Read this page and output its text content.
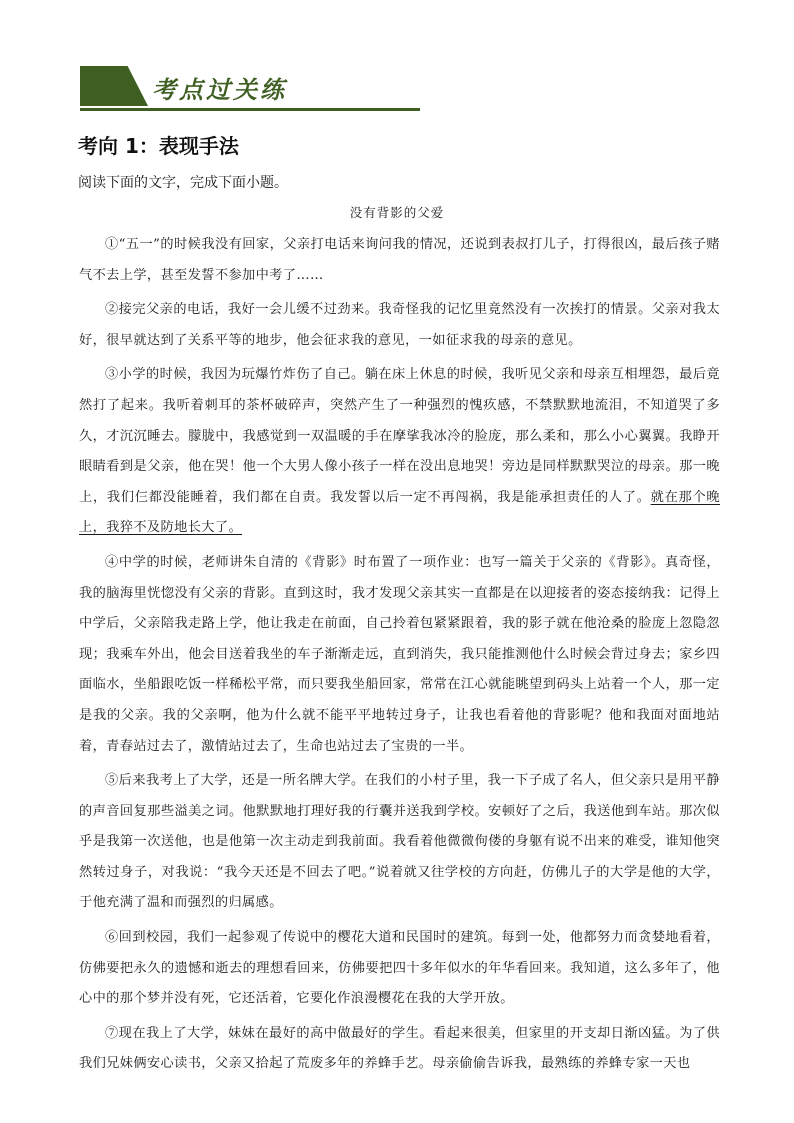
考点过关练
考向 1：表现手法
阅读下面的文字，完成下面小题。
没有背影的父爱

①“五一”的时候我没有回家，父亲打电话来询问我的情况，还说到表叔打儿子，打得很凶，最后孩子赌气不去上学，甚至发誓不参加中考了……

②接完父亲的电话，我好一会儿缓不过劲来。我奇怪我的记忆里竟然没有一次挨打的情景。父亲对我太好，很早就达到了关系平等的地步，他会征求我的意见，一如征求我的母亲的意见。

③小学的时候，我因为玩爆竹炸伤了自己。躺在床上休息的时候，我听见父亲和母亲互相埋怨，最后竟然打了起来。我听着刺耳的茶杯破碎声，突然产生了一种强烈的愧疚感，不禁默默地流泪，不知道哭了多久，才沉沉睡去。朦胧中，我感觉到一双温暖的手在摩挲我冰冷的脸庞，那么柔和，那么小心翼翼。我睁开眼睛看到是父亲，他在哭！他一个大男人像小孩子一样在没出息地哭！旁边是同样默默哭泣的母亲。那一晚上，我们仨都没能睡着，我们都在自责。我发誓以后一定不再闯祸，我是能承担责任的人了。就在那个晚上，我猝不及防地长大了。

④中学的时候，老师讲朱自清的《背影》时布置了一项作业：也写一篇关于父亲的《背影》。真奇怪，我的脑海里恍惚没有父亲的背影。直到这时，我才发现父亲其实一直都是在以迎接者的姿态接纳我：记得上中学后，父亲陪我走路上学，他让我走在前面，自己拎着包紧紧跟着，我的影子就在他沧桑的脸庞上忽隐忽现；我乘车外出，他会目送着我坐的车子渐渐走远，直到消失，我只能推测他什么时候会背过身去；家乡四面临水，坐船跟吃饭一样稀松平常，而只要我坐船回家，常常在江心就能眺望到码头上站着一个人，那一定是我的父亲。我的父亲啊，他为什么就不能平平地转过身子，让我也看着他的背影呢？他和我面对面地站着，青春站过去了，激情站过去了，生命也站过去了宝贵的一半。

⑤后来我考上了大学，还是一所名牌大学。在我们的小村子里，我一下子成了名人，但父亲只是用平静的声音回复那些溢美之词。他默默地打理好我的行囊并送我到学校。安顿好了之后，我送他到车站。那次似乎是我第一次送他，也是他第一次主动走到我前面。我看着他微微佝偻的身躯有说不出来的难受，谁知他突然转过身子，对我说：“我今天还是不回去了吧。”说着就又往学校的方向赶，仿佛儿子的大学是他的大学，于他充满了温和而强烈的归属感。

⑥回到校园，我们一起参观了传说中的樱花大道和民国时的建筑。每到一处，他都努力而贪婪地看着，仿佛要把永久的遗憾和逝去的理想看回来，仿佛要把四十多年似水的年华看回来。我知道，这么多年了，他心中的那个梦并没有死，它还活着，它要化作浪漫樱花在我的大学开放。

⑦现在我上了大学，妹妹在最好的高中做最好的学生。看起来很美，但家里的开支却日渐凶猛。为了供我们兄妹俩安心读书，父亲又拾起了荒废多年的养蜂手艺。母亲偷偷告诉我，最熟练的养蜂专家一天也
